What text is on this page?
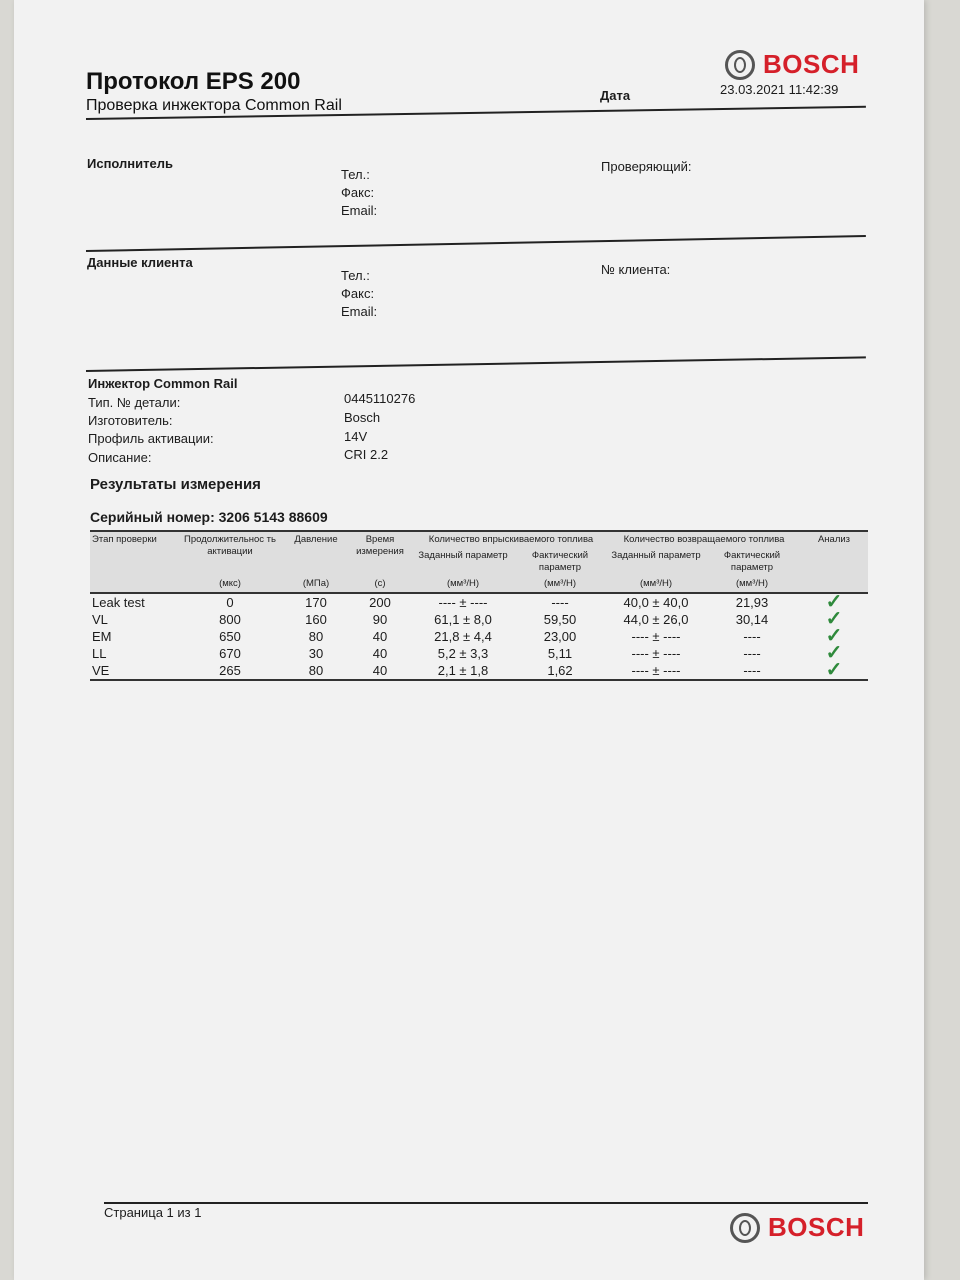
Протокол EPS 200
Проверка инжектора Common Rail
Дата	23.03.2021 11:42:39
BOSCH
Исполнитель
Тел.:
Факс:
Email:
Проверяющий:
Данные клиента
Тел.:
Факс:
Email:
№ клиента:
Инжектор Common Rail
Тип. № детали:	0445110276
Изготовитель:	Bosch
Профиль активации:	14V
Описание:	CRI 2.2
Результаты измерения
Серийный номер: 3206 5143 88609
Этап проверки	Продолжительнос ть активации	Давление	Время измерения	Количество впрыскиваемого топлива		Количество возвращаемого топлива		Анализ
				Заданный параметр	Фактический параметр	Заданный параметр	Фактический параметр	
	(мкс)	(МПа)	(с)	(мм³/Н)	(мм³/Н)	(мм³/Н)	(мм³/Н)	
Leak test	0	170	200	---- ± ----	----	40,0 ± 40,0	21,93	✓
VL	800	160	90	61,1 ± 8,0	59,50	44,0 ± 26,0	30,14	✓
EM	650	80	40	21,8 ± 4,4	23,00	---- ± ----	----	✓
LL	670	30	40	5,2 ± 3,3	5,11	---- ± ----	----	✓
VE	265	80	40	2,1 ± 1,8	1,62	---- ± ----	----	✓
Страница 1 из 1	BOSCH
